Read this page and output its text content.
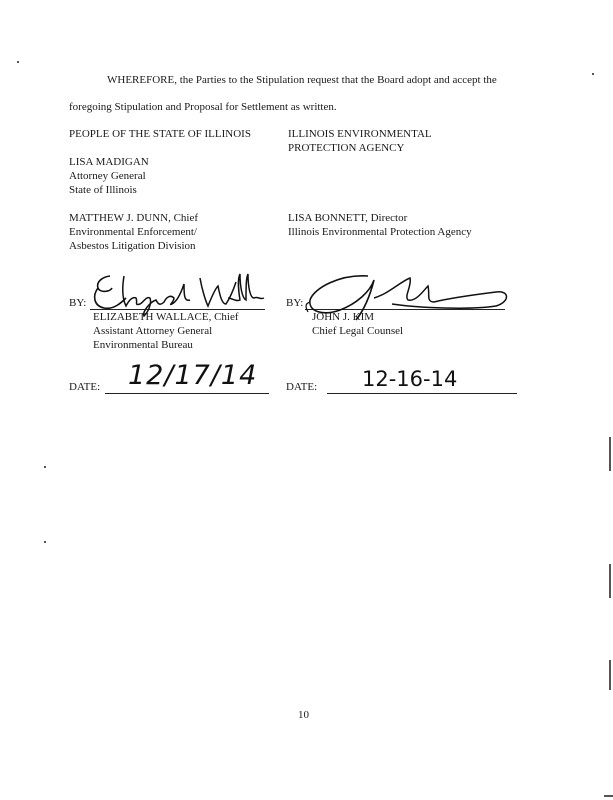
WHEREFORE, the Parties to the Stipulation request that the Board adopt and accept the
foregoing Stipulation and Proposal for Settlement as written.
PEOPLE OF THE STATE OF ILLINOIS
LISA MADIGAN
Attorney General
State of Illinois
MATTHEW J. DUNN, Chief
Environmental Enforcement/
Asbestos Litigation Division
ILLINOIS ENVIRONMENTAL
PROTECTION AGENCY
LISA BONNETT, Director
Illinois Environmental Protection Agency
BY:
ELIZABETH WALLACE, Chief
Assistant Attorney General
Environmental Bureau
BY:
JOHN J. KIM
Chief Legal Counsel
DATE: 12/17/14	DATE: 12-16-14
10
